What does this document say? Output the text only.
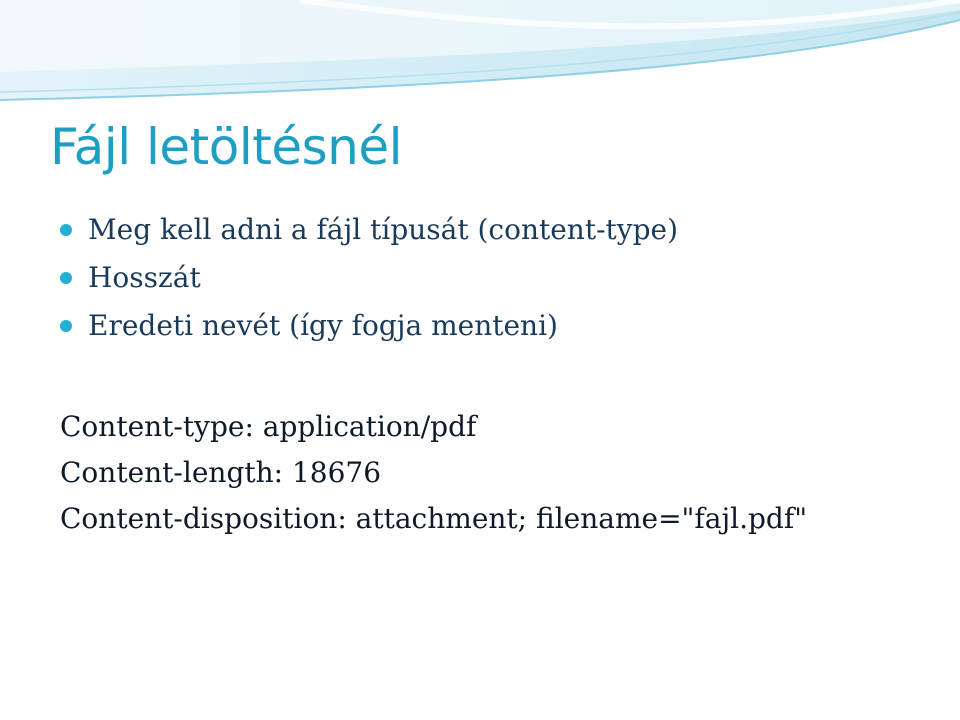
Fájl letöltésnél
Meg kell adni a fájl típusát (content-type)
Hosszát
Eredeti nevét (így fogja menteni)
Content-type: application/pdf
Content-length: 18676
Content-disposition: attachment; filename="fajl.pdf"
